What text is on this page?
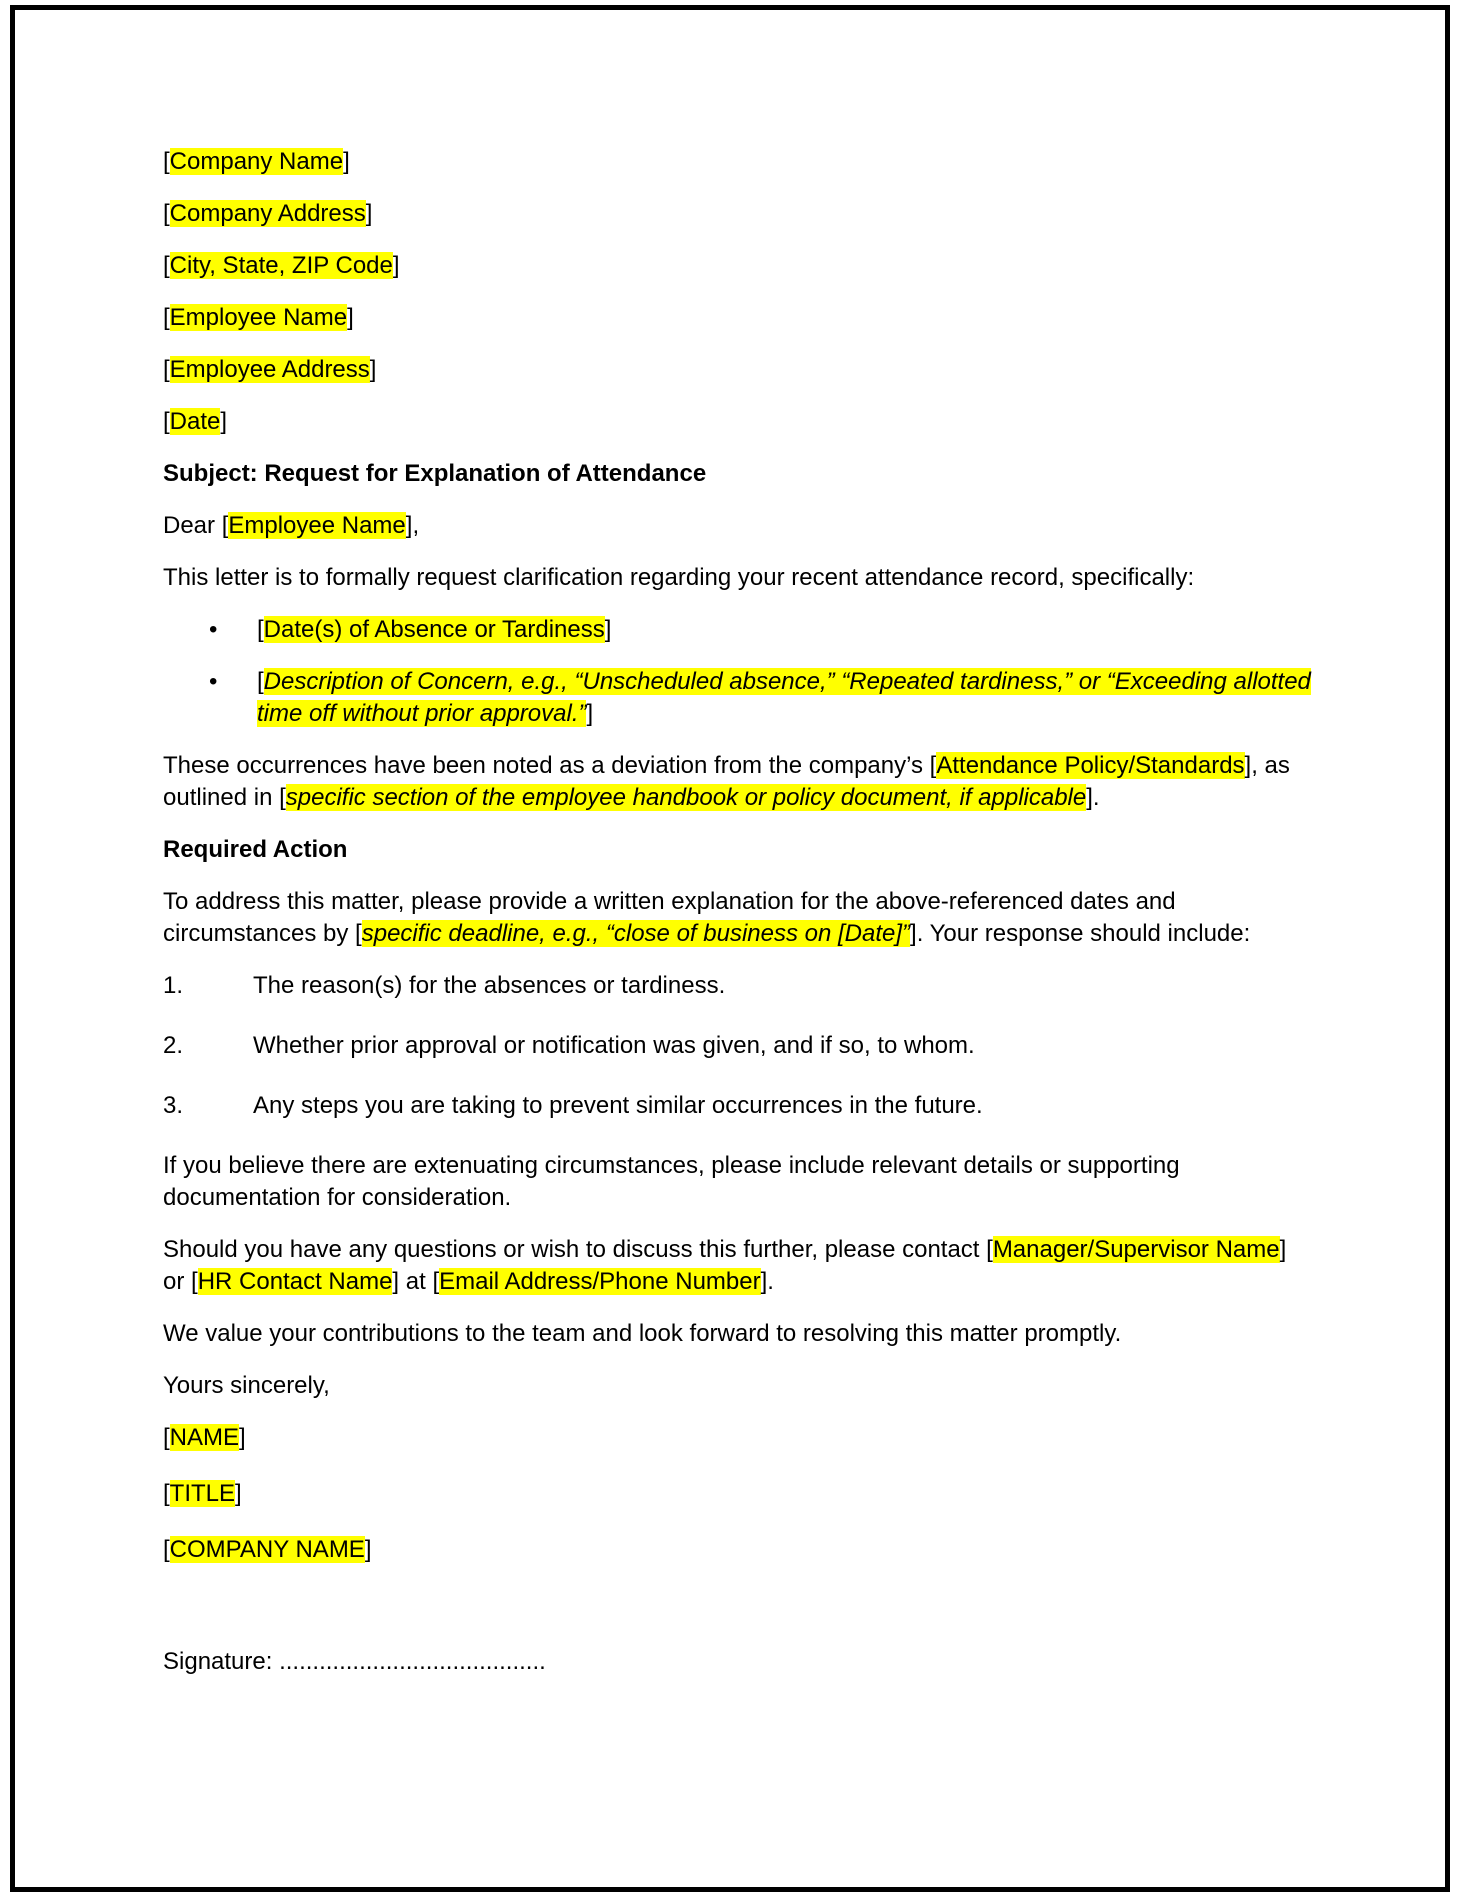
[Company Name]

[Company Address]

[City, State, ZIP Code]

[Employee Name]

[Employee Address]

[Date]

Subject: Request for Explanation of Attendance

Dear [Employee Name],

This letter is to formally request clarification regarding your recent attendance record, specifically:

• [Date(s) of Absence or Tardiness]
• [Description of Concern, e.g., “Unscheduled absence,” “Repeated tardiness,” or “Exceeding allotted time off without prior approval.”]

These occurrences have been noted as a deviation from the company’s [Attendance Policy/Standards], as outlined in [specific section of the employee handbook or policy document, if applicable].

Required Action

To address this matter, please provide a written explanation for the above-referenced dates and circumstances by [specific deadline, e.g., “close of business on [Date]”]. Your response should include:

1.	The reason(s) for the absences or tardiness.
2.	Whether prior approval or notification was given, and if so, to whom.
3.	Any steps you are taking to prevent similar occurrences in the future.

If you believe there are extenuating circumstances, please include relevant details or supporting documentation for consideration.

Should you have any questions or wish to discuss this further, please contact [Manager/Supervisor Name] or [HR Contact Name] at [Email Address/Phone Number].

We value your contributions to the team and look forward to resolving this matter promptly.

Yours sincerely,

[NAME]

[TITLE]

[COMPANY NAME]

Signature: ........................................
